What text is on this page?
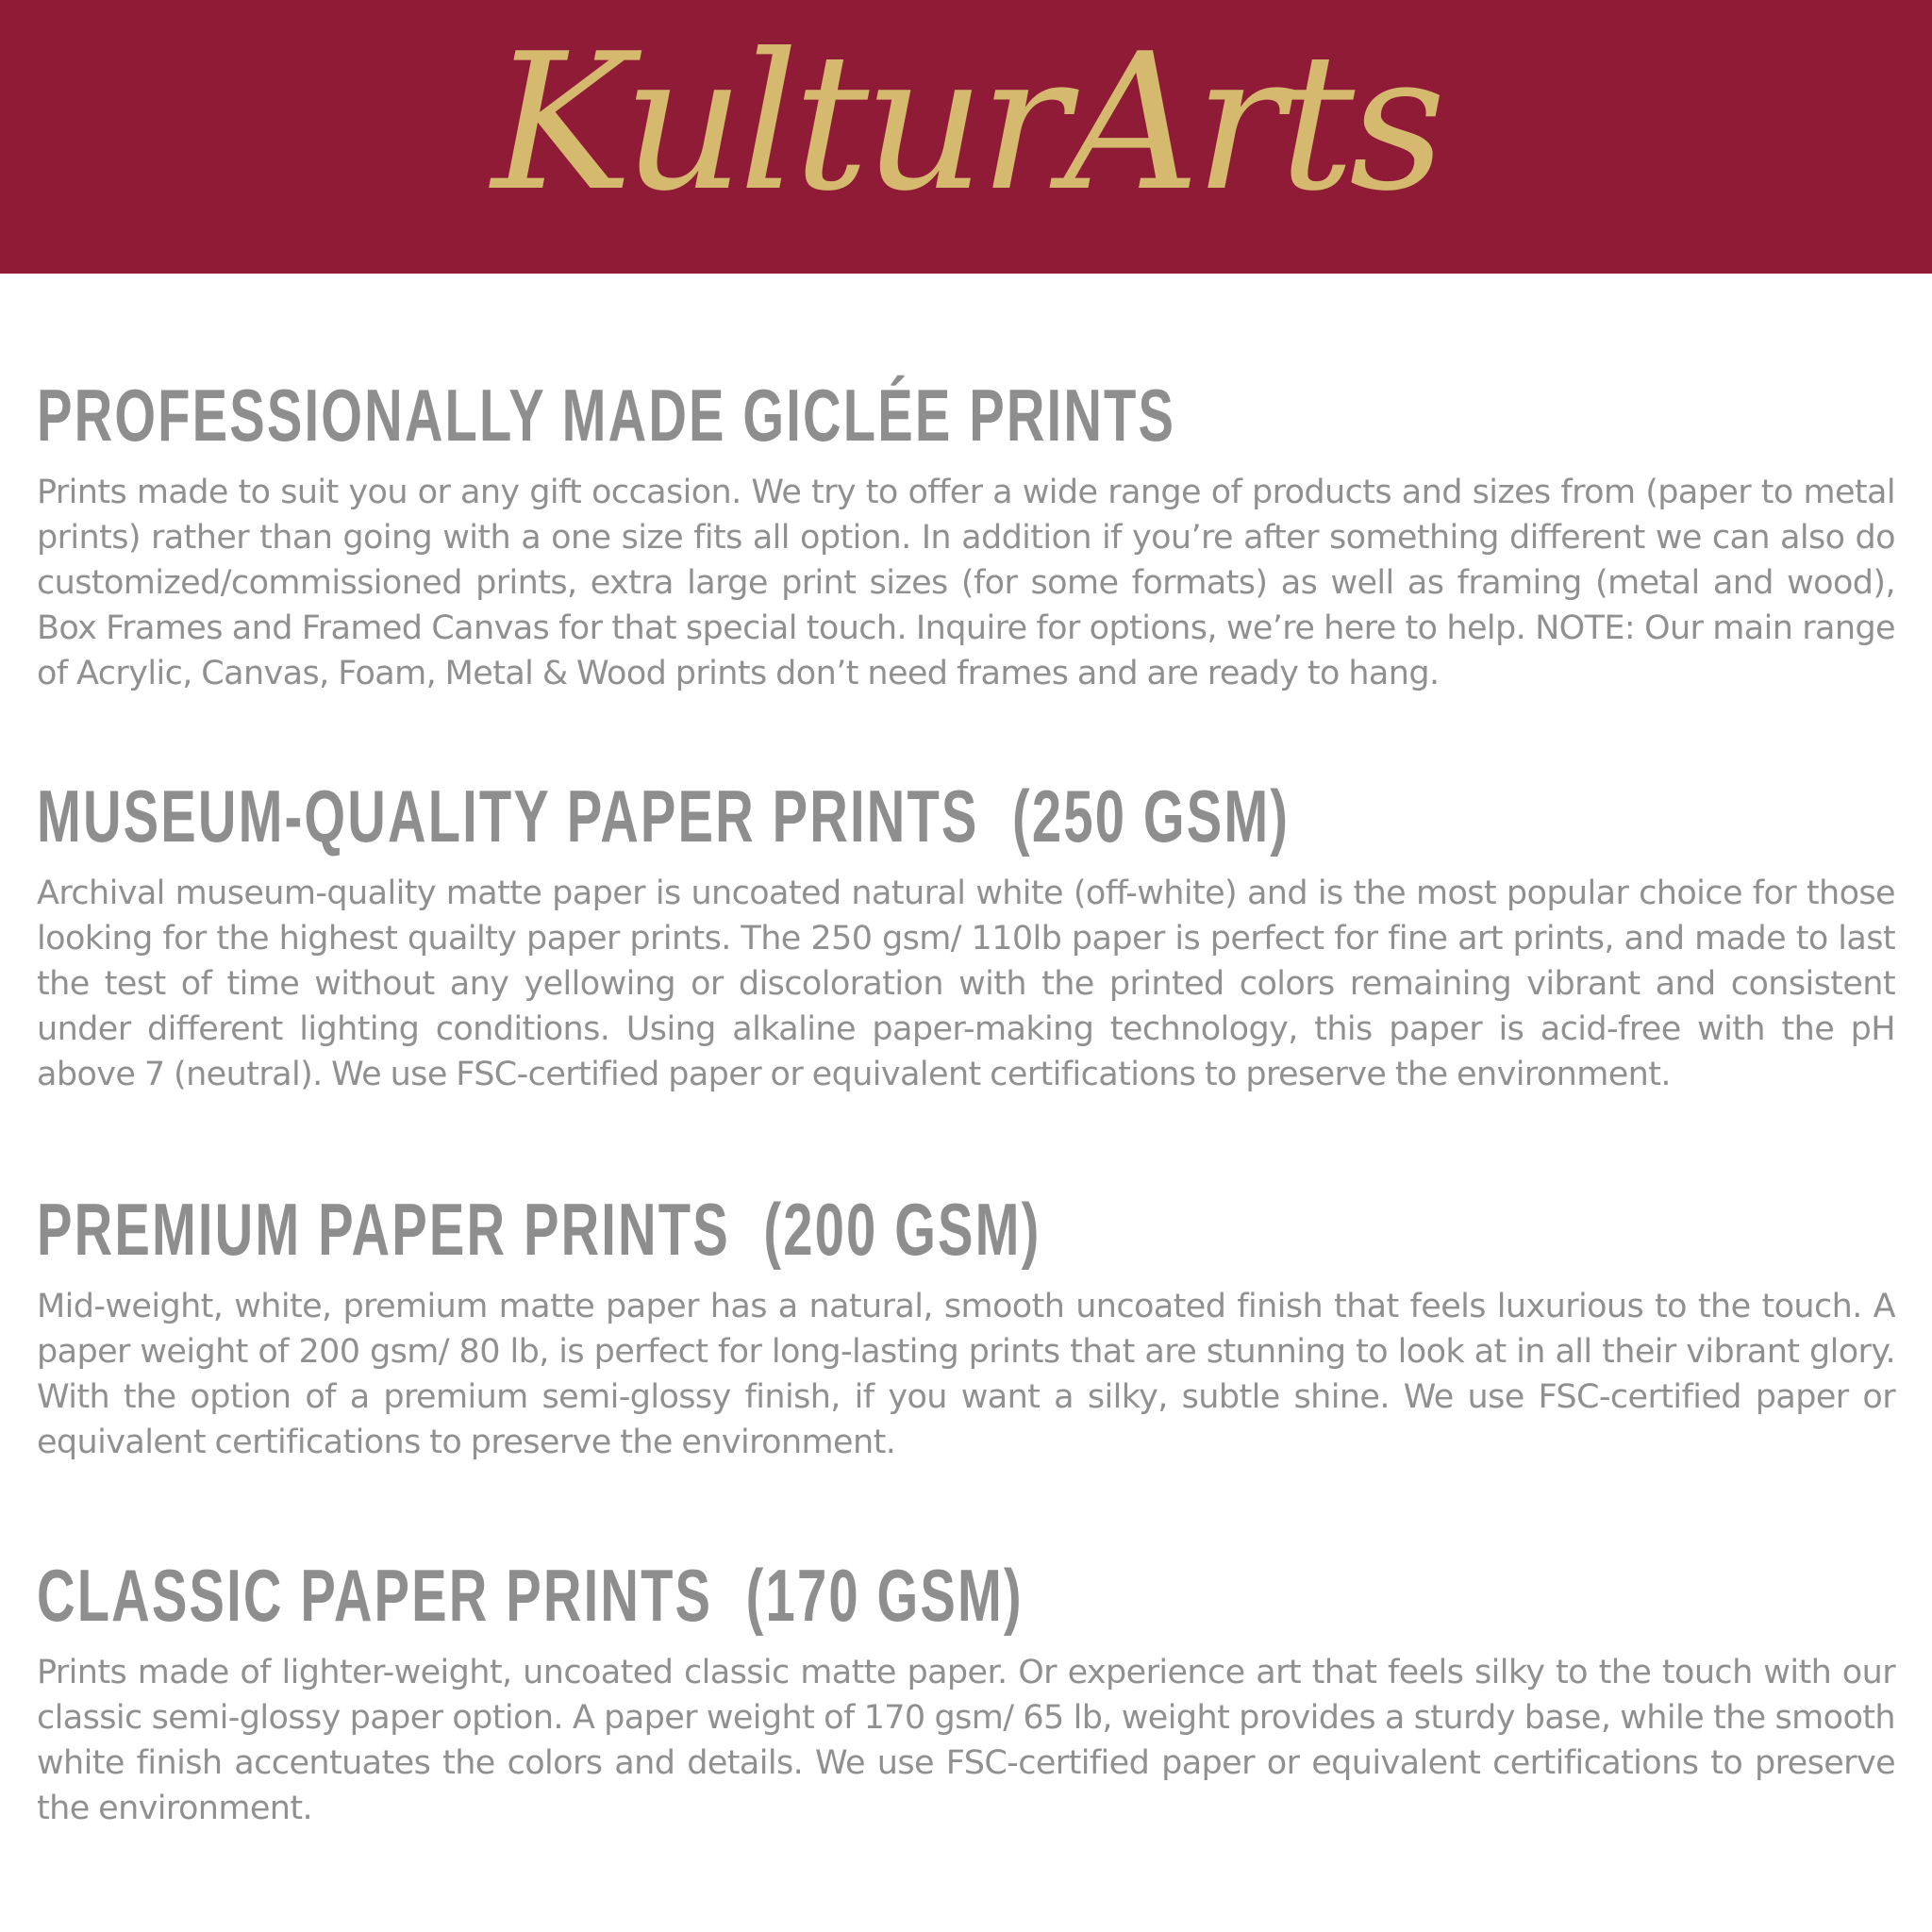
KulturArts
PROFESSIONALLY MADE GICLÉE PRINTS

Prints made to suit you or any gift occasion. We try to offer a wide range of products and sizes from (paper to metal prints) rather than going with a one size fits all option. In addition if you’re after something different we can also do customized/commissioned prints, extra large print sizes (for some formats) as well as framing (metal and wood), Box Frames and Framed Canvas for that special touch. Inquire for options, we’re here to help. NOTE: Our main range of Acrylic, Canvas, Foam, Metal & Wood prints don’t need frames and are ready to hang.

MUSEUM-QUALITY PAPER PRINTS  (250 GSM)

Archival museum-quality matte paper is uncoated natural white (off-white) and is the most popular choice for those looking for the highest quailty paper prints. The 250 gsm/ 110lb paper is perfect for fine art prints, and made to last the test of time without any yellowing or discoloration with the printed colors remaining vibrant and consistent under different lighting conditions. Using alkaline paper-making technology, this paper is acid-free with the pH above 7 (neutral). We use FSC-certified paper or equivalent certifications to preserve the environment.

PREMIUM PAPER PRINTS  (200 GSM)

Mid-weight, white, premium matte paper has a natural, smooth uncoated finish that feels luxurious to the touch. A paper weight of 200 gsm/ 80 lb, is perfect for long-lasting prints that are stunning to look at in all their vibrant glory. With the option of a premium semi-glossy finish, if you want a silky, subtle shine. We use FSC-certified paper or equivalent certifications to preserve the environment.

CLASSIC PAPER PRINTS  (170 GSM)

Prints made of lighter-weight, uncoated classic matte paper. Or experience art that feels silky to the touch with our classic semi-glossy paper option. A paper weight of 170 gsm/ 65 lb, weight provides a sturdy base, while the smooth white finish accentuates the colors and details. We use FSC-certified paper or equivalent certifications to preserve the environment.
